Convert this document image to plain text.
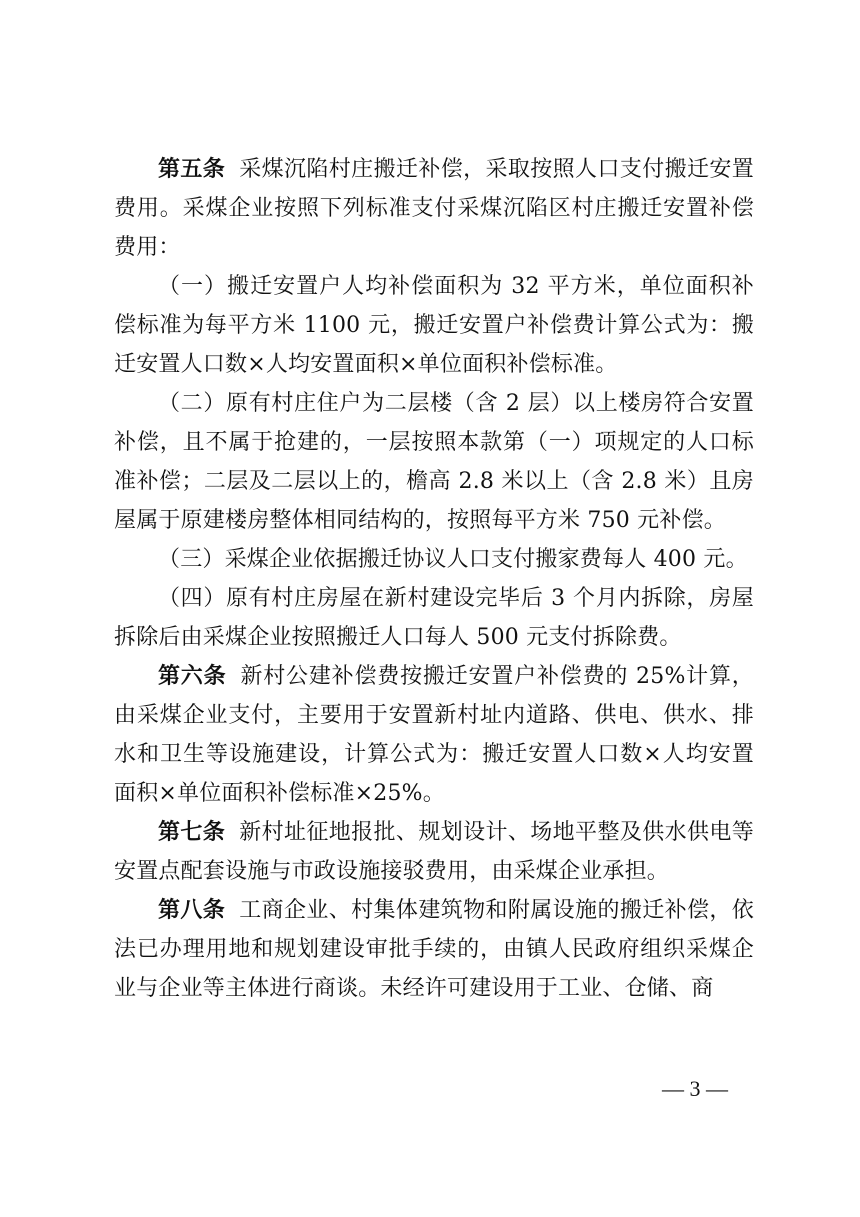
第五条 采煤沉陷村庄搬迁补偿，采取按照人口支付搬迁安置费用。采煤企业按照下列标准支付采煤沉陷区村庄搬迁安置补偿费用：

（一）搬迁安置户人均补偿面积为 32 平方米，单位面积补偿标准为每平方米 1100 元，搬迁安置户补偿费计算公式为：搬迁安置人口数×人均安置面积×单位面积补偿标准。

（二）原有村庄住户为二层楼（含 2 层）以上楼房符合安置补偿，且不属于抢建的，一层按照本款第（一）项规定的人口标准补偿；二层及二层以上的，檐高 2.8 米以上（含 2.8 米）且房屋属于原建楼房整体相同结构的，按照每平方米 750 元补偿。

（三）采煤企业依据搬迁协议人口支付搬家费每人 400 元。

（四）原有村庄房屋在新村建设完毕后 3 个月内拆除，房屋拆除后由采煤企业按照搬迁人口每人 500 元支付拆除费。

第六条 新村公建补偿费按搬迁安置户补偿费的 25%计算，由采煤企业支付，主要用于安置新村址内道路、供电、供水、排水和卫生等设施建设，计算公式为：搬迁安置人口数×人均安置面积×单位面积补偿标准×25%。

第七条 新村址征地报批、规划设计、场地平整及供水供电等安置点配套设施与市政设施接驳费用，由采煤企业承担。

第八条 工商企业、村集体建筑物和附属设施的搬迁补偿，依法已办理用地和规划建设审批手续的，由镇人民政府组织采煤企业与企业等主体进行商谈。未经许可建设用于工业、仓储、商

— 3 —
